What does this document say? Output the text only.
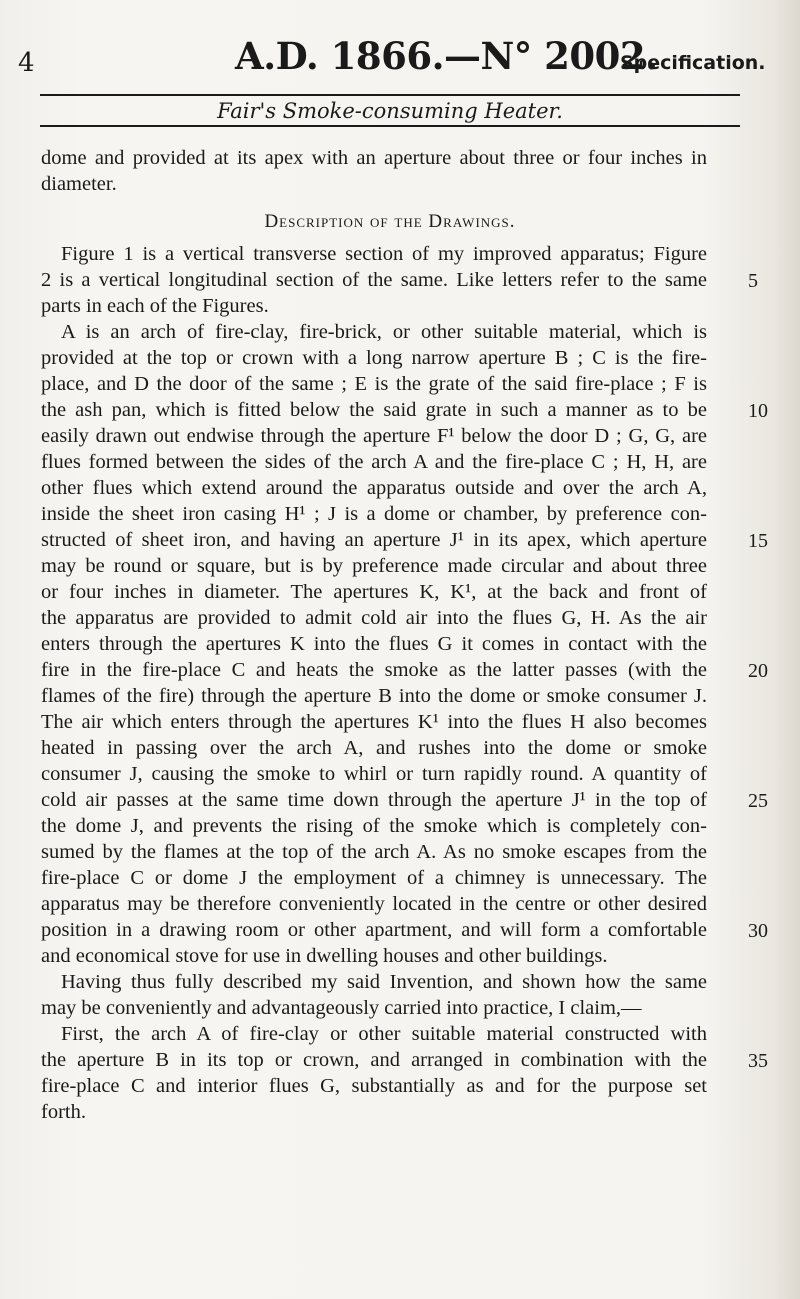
4	A.D. 1866.—N° 2002.
Specification.
Fair's Smoke-consuming Heater.
dome and provided at its apex with an aperture about three or four inches in
diameter.
Description of the Drawings.
Figure 1 is a vertical transverse section of my improved apparatus; Figure
2 is a vertical longitudinal section of the same. Like letters refer to the same
parts in each of the Figures.
A is an arch of fire-clay, fire-brick, or other suitable material, which is
provided at the top or crown with a long narrow aperture B ; C is the fire-
place, and D the door of the same ; E is the grate of the said fire-place ; F is
the ash pan, which is fitted below the said grate in such a manner as to be
easily drawn out endwise through the aperture F¹ below the door D ; G, G, are
flues formed between the sides of the arch A and the fire-place C ; H, H, are
other flues which extend around the apparatus outside and over the arch A,
inside the sheet iron casing H¹ ; J is a dome or chamber, by preference con-
structed of sheet iron, and having an aperture J¹ in its apex, which aperture
may be round or square, but is by preference made circular and about three
or four inches in diameter. The apertures K, K¹, at the back and front of
the apparatus are provided to admit cold air into the flues G, H. As the air
enters through the apertures K into the flues G it comes in contact with the
fire in the fire-place C and heats the smoke as the latter passes (with the
flames of the fire) through the aperture B into the dome or smoke consumer J.
The air which enters through the apertures K¹ into the flues H also becomes
heated in passing over the arch A, and rushes into the dome or smoke
consumer J, causing the smoke to whirl or turn rapidly round. A quantity of
cold air passes at the same time down through the aperture J¹ in the top of
the dome J, and prevents the rising of the smoke which is completely con-
sumed by the flames at the top of the arch A. As no smoke escapes from the
fire-place C or dome J the employment of a chimney is unnecessary. The
apparatus may be therefore conveniently located in the centre or other desired
position in a drawing room or other apartment, and will form a comfortable
and economical stove for use in dwelling houses and other buildings.
Having thus fully described my said Invention, and shown how the same
may be conveniently and advantageously carried into practice, I claim,—
First, the arch A of fire-clay or other suitable material constructed with
the aperture B in its top or crown, and arranged in combination with the
fire-place C and interior flues G, substantially as and for the purpose set
forth.
5
10
15
20
25
30
35
